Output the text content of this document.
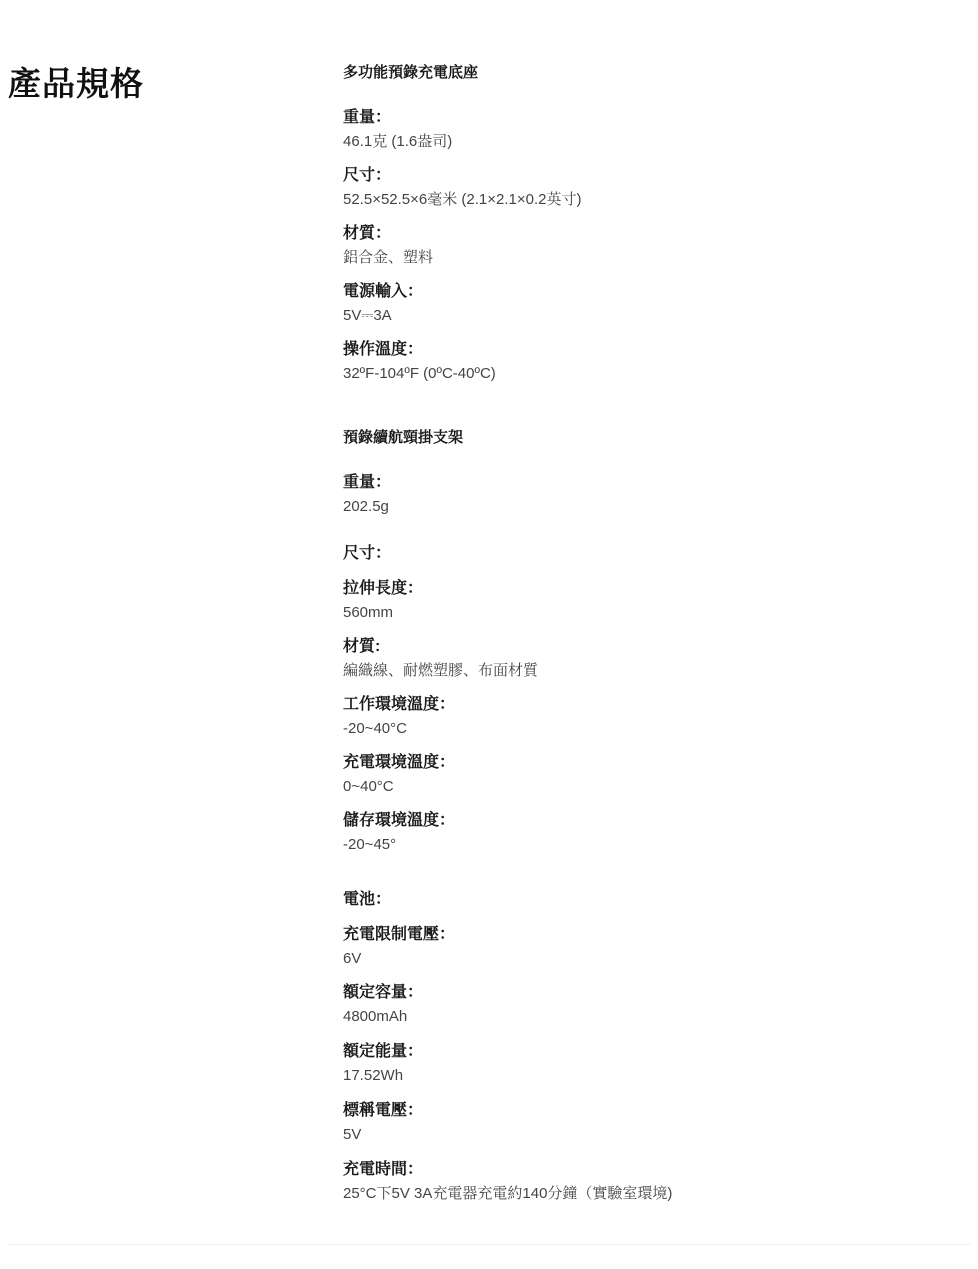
產品規格	多功能預錄充電底座
重量：
46.1克 (1.6盎司)
尺寸：
52.5×52.5×6毫米 (2.1×2.1×0.2英寸)
材質：
鋁合金、塑料
電源輸入：
5V⎓3A
操作溫度：
32ºF-104ºF (0ºC-40ºC)
預錄續航頸掛支架
重量：
202.5g
尺寸：
拉伸長度：
560mm
材質:
編織線、耐燃塑膠、布面材質
工作環境溫度：
-20~40°C
充電環境溫度：
0~40°C
儲存環境溫度：
-20~45°
電池：
充電限制電壓：
6V
額定容量：
4800mAh
額定能量：
17.52Wh
標稱電壓：
5V
充電時間：
25°C下5V 3A充電器充電約140分鐘（實驗室環境)
